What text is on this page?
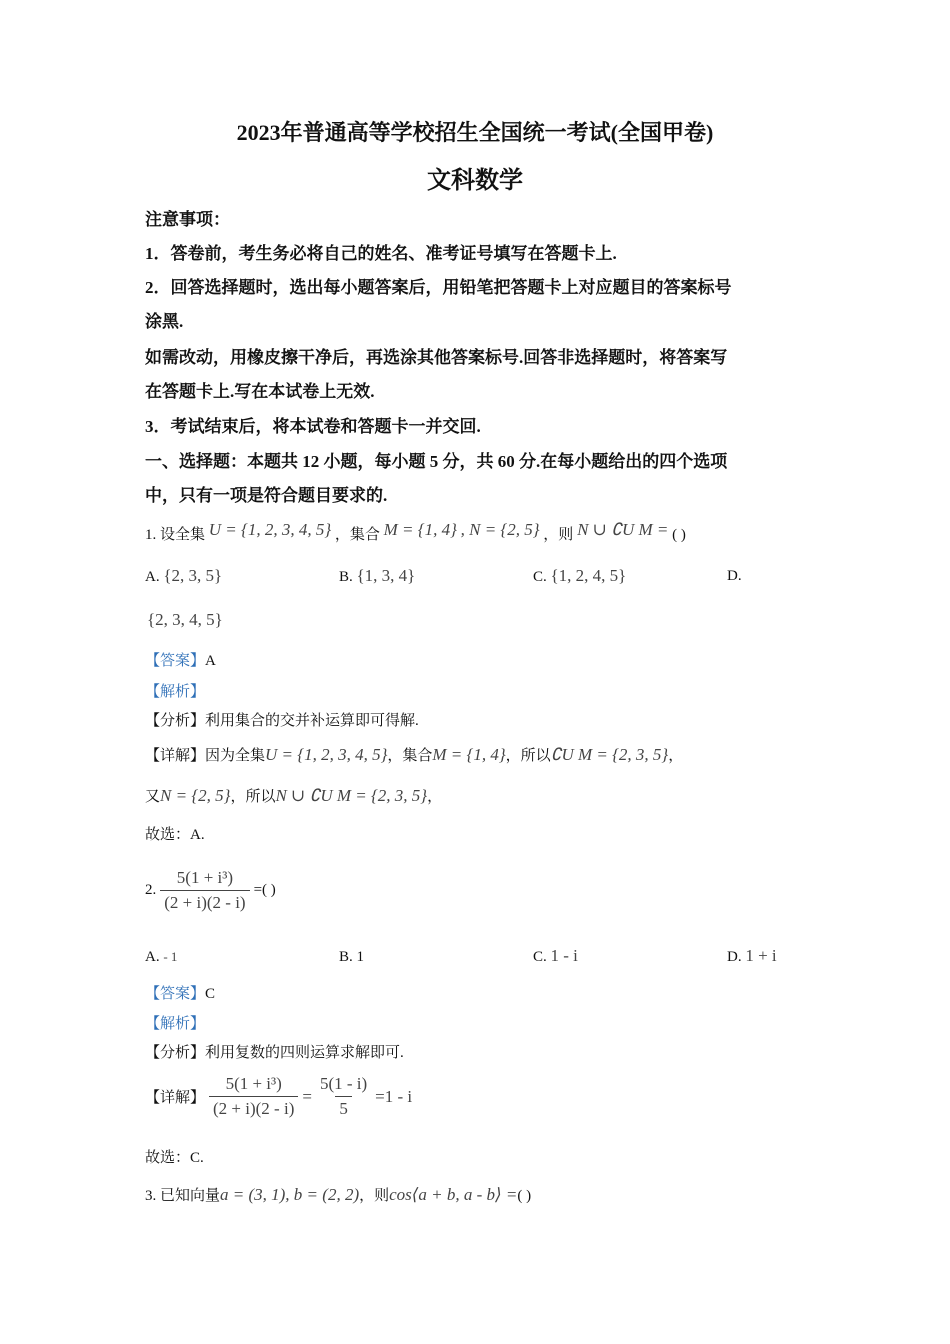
2023年普通高等学校招生全国统一考试(全国甲卷)
文科数学
注意事项：
1．答卷前，考生务必将自己的姓名、准考证号填写在答题卡上.
2．回答选择题时，选出每小题答案后，用铅笔把答题卡上对应题目的答案标号
涂黑.
如需改动，用橡皮擦干净后，再选涂其他答案标号.回答非选择题时，将答案写
在答题卡上.写在本试卷上无效.
3．考试结束后，将本试卷和答题卡一并交回.
一、选择题：本题共 12 小题，每小题 5 分，共 60 分.在每小题给出的四个选项
中，只有一项是符合题目要求的.
1. 设全集 U = {1, 2, 3, 4, 5} ，集合 M = {1, 4} , N = {2, 5} ，则 N ∪ ∁U M = ( )
A. {2, 3, 5}	B. {1, 3, 4}	C. {1, 2, 4, 5}	D.
{2, 3, 4, 5}
【答案】A
【解析】
【分析】利用集合的交并补运算即可得解.
【详解】因为全集U = {1, 2, 3, 4, 5}，集合M = {1, 4}，所以∁U M = {2, 3, 5}，
又N = {2, 5}，所以N ∪ ∁U M = {2, 3, 5}，
故选：A.
2. $\frac{\text{5(1 + i³)}}{(2 + i)(2 - i)}$ =( )
A. - 1	B. 1	C. 1 - i	D. 1 + i
【答案】C
【解析】
【分析】利用复数的四则运算求解即可.
【详解】 $\frac{\text{5(1 + i³)}}{(2 + i)(2 - i)} = \frac{5(1 - i)}{5} =1 - i$
故选：C.
3. 已知向量a = (3, 1), b = (2, 2)，则cos⟨a + b, a - b⟩ =( )
